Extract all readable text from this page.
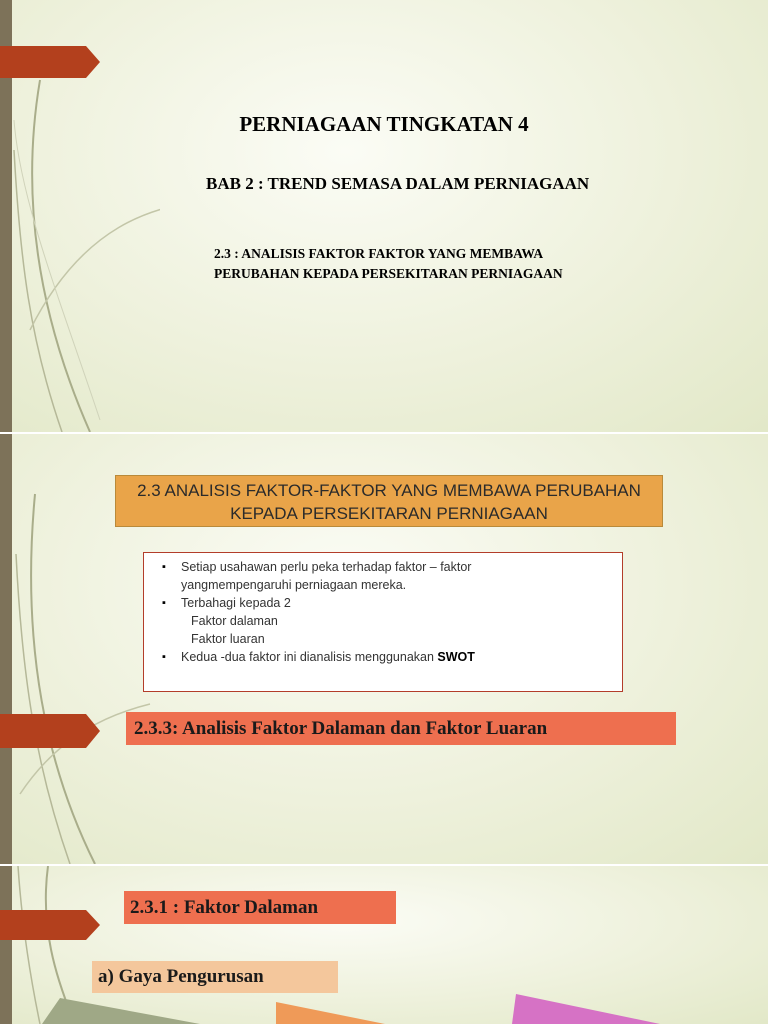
PERNIAGAAN TINGKATAN 4

BAB 2 : TREND SEMASA DALAM PERNIAGAAN

2.3 : ANALISIS FAKTOR FAKTOR YANG MEMBAWA
PERUBAHAN KEPADA PERSEKITARAN PERNIAGAAN
2.3 ANALISIS FAKTOR-FAKTOR YANG MEMBAWA PERUBAHAN
KEPADA PERSEKITARAN PERNIAGAAN
▪ Setiap usahawan perlu peka terhadap faktor – faktor
yangmempengaruhi perniagaan mereka.
▪ Terbahagi kepada 2
Faktor dalaman
Faktor luaran
▪ Kedua -dua faktor ini dianalisis menggunakan SWOT
2.3.3: Analisis Faktor Dalaman dan Faktor Luaran
2.3.1 : Faktor Dalaman
a) Gaya Pengurusan
